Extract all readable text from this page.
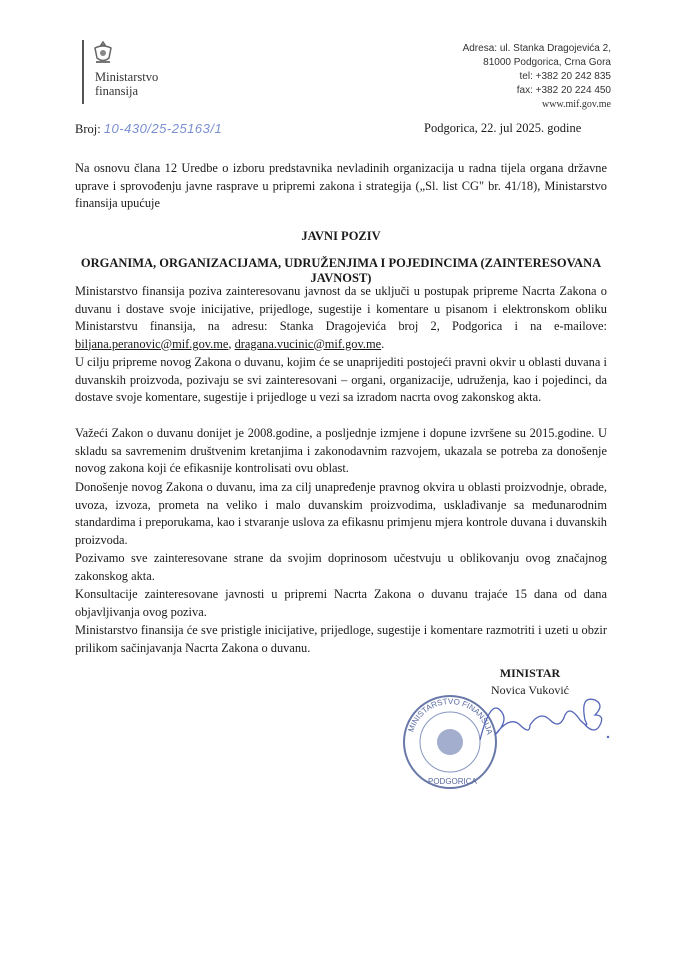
Ministarstvo
finansija
Adresa: ul. Stanka Dragojevića 2,
81000 Podgorica, Crna Gora
tel: +382 20 242 835
fax: +382 20 224 450
www.mif.gov.me
Broj: 10-430/25-25163/1	Podgorica, 22. jul 2025. godine

Na osnovu člana 12 Uredbe o izboru predstavnika nevladinih organizacija u radna tijela organa državne uprave i sprovođenju javne rasprave u pripremi zakona i strategija („Sl. list CG" br. 41/18), Ministarstvo finansija upućuje

JAVNI POZIV
ORGANIMA, ORGANIZACIJAMA, UDRUŽENJIMA I POJEDINCIMA (ZAINTERESOVANA JAVNOST)

Ministarstvo finansija poziva zainteresovanu javnost da se uključi u postupak pripreme Nacrta Zakona o duvanu i dostave svoje inicijative, prijedloge, sugestije i komentare u pisanom i elektronskom obliku Ministarstvu finansija, na adresu: Stanka Dragojevića broj 2, Podgorica i na e-mailove: biljana.peranovic@mif.gov.me, dragana.vucinic@mif.gov.me.

U cilju pripreme novog Zakona o duvanu, kojim će se unaprijediti postojeći pravni okvir u oblasti duvana i duvanskih proizvoda, pozivaju se svi zainteresovani – organi, organizacije, udruženja, kao i pojedinci, da dostave svoje komentare, sugestije i prijedloge u vezi sa izradom nacrta ovog zakonskog akta.

Važeći Zakon o duvanu donijet je 2008.godine, a posljednje izmjene i dopune izvršene su 2015.godine. U skladu sa savremenim društvenim kretanjima i zakonodavnim razvojem, ukazala se potreba za donošenje novog zakona koji će efikasnije kontrolisati ovu oblast.

Donošenje novog Zakona o duvanu, ima za cilj unapređenje pravnog okvira u oblasti proizvodnje, obrade, uvoza, izvoza, prometa na veliko i malo duvanskim proizvodima, usklađivanje sa međunarodnim standardima i preporukama, kao i stvaranje uslova za efikasnu primjenu mjera kontrole duvana i duvanskih proizvoda.

Pozivamo sve zainteresovane strane da svojim doprinosom učestvuju u oblikovanju ovog značajnog zakonskog akta.

Konsultacije zainteresovane javnosti u pripremi Nacrta Zakona o duvanu trajaće 15 dana od dana objavljivanja ovog poziva.

Ministarstvo finansija će sve pristigle inicijative, prijedloge, sugestije i komentare razmotriti i uzeti u obzir prilikom sačinjavanja Nacrta Zakona o duvanu.

MINISTAR
Novica Vuković
MINISTARSTVO FINANSIJA
PODGORICA
